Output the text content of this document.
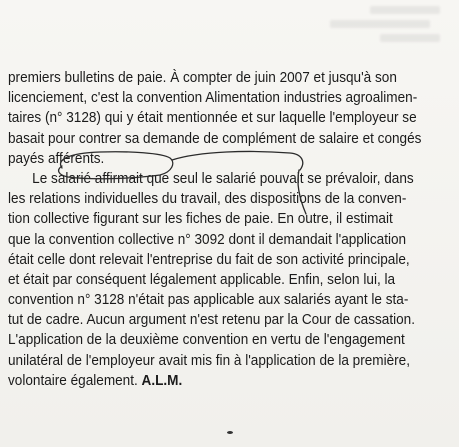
premiers bulletins de paie. À compter de juin 2007 et jusqu'à son
licenciement, c'est la convention Alimentation industries agroalimen-
taires (n° 3128) qui y était mentionnée et sur laquelle l'employeur se
basait pour contrer sa demande de complément de salaire et congés
payés afférents.
Le salarié affirmait que seul le salarié pouvait se prévaloir, dans
les relations individuelles du travail, des dispositions de la conven-
tion collective figurant sur les fiches de paie. En outre, il estimait
que la convention collective n° 3092 dont il demandait l'application
était celle dont relevait l'entreprise du fait de son activité principale,
et était par conséquent légalement applicable. Enfin, selon lui, la
convention n° 3128 n'était pas applicable aux salariés ayant le sta-
tut de cadre. Aucun argument n'est retenu par la Cour de cassation.
L'application de la deuxième convention en vertu de l'engagement
unilatéral de l'employeur avait mis fin à l'application de la première,
volontaire également. A.L.M.
